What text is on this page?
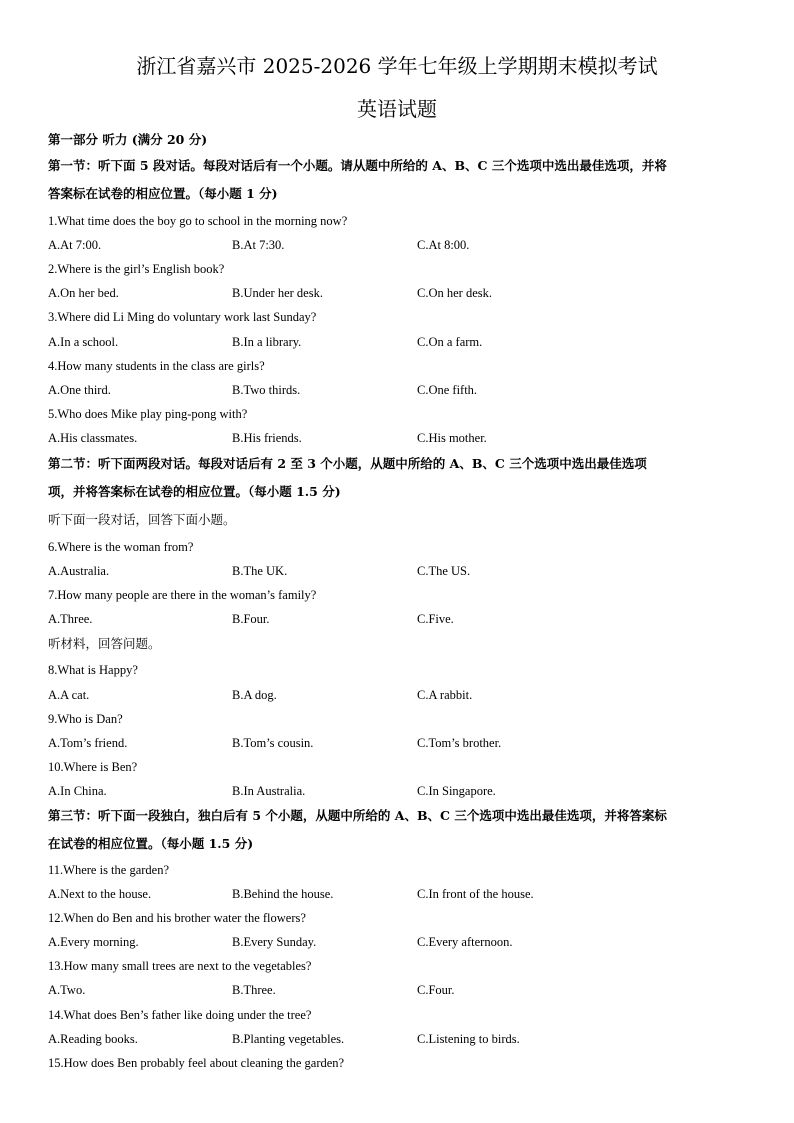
浙江省嘉兴市 2025-2026 学年七年级上学期期末模拟考试
英语试题
第一部分 听力 (满分 20 分)
第一节：听下面 5 段对话。每段对话后有一个小题。请从题中所给的 A、B、C 三个选项中选出最佳选项，并将
答案标在试卷的相应位置。（每小题 1 分)
1.What time does the boy go to school in the morning now?
A.At 7:00.	B.At 7:30.	C.At 8:00.
2.Where is the girl’s English book?
A.On her bed.	B.Under her desk.	C.On her desk.
3.Where did Li Ming do voluntary work last Sunday?
A.In a school.	B.In a library.	C.On a farm.
4.How many students in the class are girls?
A.One third.	B.Two thirds.	C.One fifth.
5.Who does Mike play ping-pong with?
A.His classmates.	B.His friends.	C.His mother.
第二节：听下面两段对话。每段对话后有 2 至 3 个小题，从题中所给的 A、B、C 三个选项中选出最佳选项
项，并将答案标在试卷的相应位置。（每小题 1.5 分)
听下面一段对话，回答下面小题。
6.Where is the woman from?
A.Australia.	B.The UK.	C.The US.
7.How many people are there in the woman’s family?
A.Three.	B.Four.	C.Five.
听材料，回答问题。
8.What is Happy?
A.A cat.	B.A dog.	C.A rabbit.
9.Who is Dan?
A.Tom’s friend.	B.Tom’s cousin.	C.Tom’s brother.
10.Where is Ben?
A.In China.	B.In Australia.	C.In Singapore.
第三节：听下面一段独白，独白后有 5 个小题，从题中所给的 A、B、C 三个选项中选出最佳选项，并将答案标
在试卷的相应位置。（每小题 1.5 分)
11.Where is the garden?
A.Next to the house.	B.Behind the house.	C.In front of the house.
12.When do Ben and his brother water the flowers?
A.Every morning.	B.Every Sunday.	C.Every afternoon.
13.How many small trees are next to the vegetables?
A.Two.	B.Three.	C.Four.
14.What does Ben’s father like doing under the tree?
A.Reading books.	B.Planting vegetables.	C.Listening to birds.
15.How does Ben probably feel about cleaning the garden?
